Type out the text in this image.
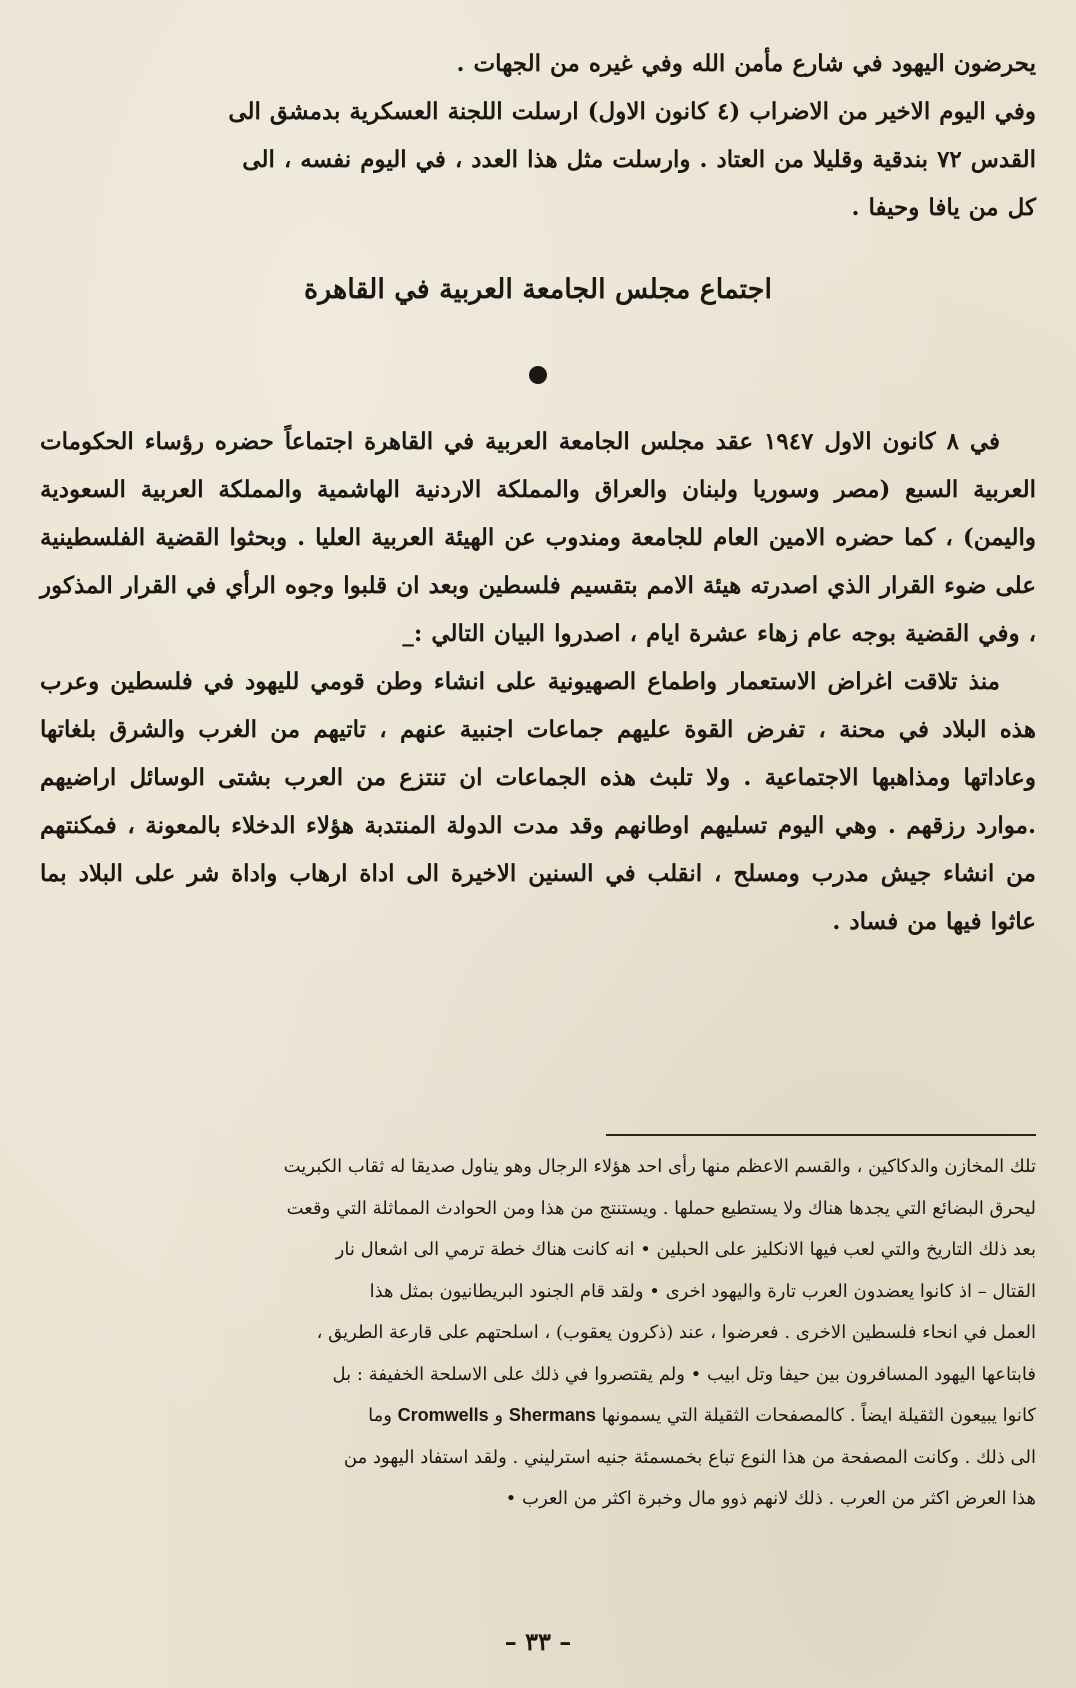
يحرضون اليهود في شارع مأمن الله وفي غيره من الجهات .
وفي اليوم الاخير من الاضراب (٤ كانون الاول) ارسلت اللجنة العسكرية بدمشق الى
القدس ٧٢ بندقية وقليلا من العتاد . وارسلت مثل هذا العدد ، في اليوم نفسه ، الى
كل من يافا وحيفا .
اجتماع مجلس الجامعة العربية في القاهرة

في ٨ كانون الاول ١٩٤٧ عقد مجلس الجامعة العربية في القاهرة اجتماعاً حضره رؤساء الحكومات العربية السبع (مصر وسوريا ولبنان والعراق والمملكة الاردنية الهاشمية والمملكة العربية السعودية واليمن) ، كما حضره الامين العام للجامعة ومندوب عن الهيئة العربية العليا . وبحثوا القضية الفلسطينية على ضوء القرار الذي اصدرته هيئة الامم بتقسيم فلسطين وبعد ان قلبوا وجوه الرأي في القرار المذكور ، وفي القضية بوجه عام زهاء عشرة ايام ، اصدروا البيان التالي :_

منذ تلاقت اغراض الاستعمار واطماع الصهيونية على انشاء وطن قومي لليهود في فلسطين وعرب هذه البلاد في محنة ، تفرض القوة عليهم جماعات اجنبية عنهم ، تاتيهم من الغرب والشرق بلغاتها وعاداتها ومذاهبها الاجتماعية . ولا تلبث هذه الجماعات ان تنتزع من العرب بشتى الوسائل اراضيهم .موارد رزقهم . وهي اليوم تسليهم اوطانهم وقد مدت الدولة المنتدبة هؤلاء الدخلاء بالمعونة ، فمكنتهم من انشاء جيش مدرب ومسلح ، انقلب في السنين الاخيرة الى اداة ارهاب واداة شر على البلاد بما عاثوا فيها من فساد .

تلك المخازن والدكاكين ، والقسم الاعظم منها رأى احد هؤلاء الرجال وهو يناول صديقا له ثقاب الكبريت
ليحرق البضائع التي يجدها هناك ولا يستطيع حملها . ويستنتج من هذا ومن الحوادث المماثلة التي وقعت
بعد ذلك التاريخ والتي لعب فيها الانكليز على الحبلين • انه كانت هناك خطة ترمي الى اشعال نار
القتال – اذ كانوا يعضدون العرب تارة واليهود اخرى • ولقد قام الجنود البريطانيون بمثل هذا
العمل في انحاء فلسطين الاخرى . فعرضوا ، عند (ذكرون يعقوب) ، اسلحتهم على قارعة الطريق ،
فابتاعها اليهود المسافرون بين حيفا وتل ابيب • ولم يقتصروا في ذلك على الاسلحة الخفيفة : بل
كانوا يبيعون الثقيلة ايضاً . كالمصفحات الثقيلة التي يسمونها Shermans و Cromwells وما
الى ذلك . وكانت المصفحة من هذا النوع تباع بخمسمئة جنيه استرليني . ولقد استفاد اليهود من
هذا العرض اكثر من العرب . ذلك لانهم ذوو مال وخبرة اكثر من العرب •
– ٣٣ –
